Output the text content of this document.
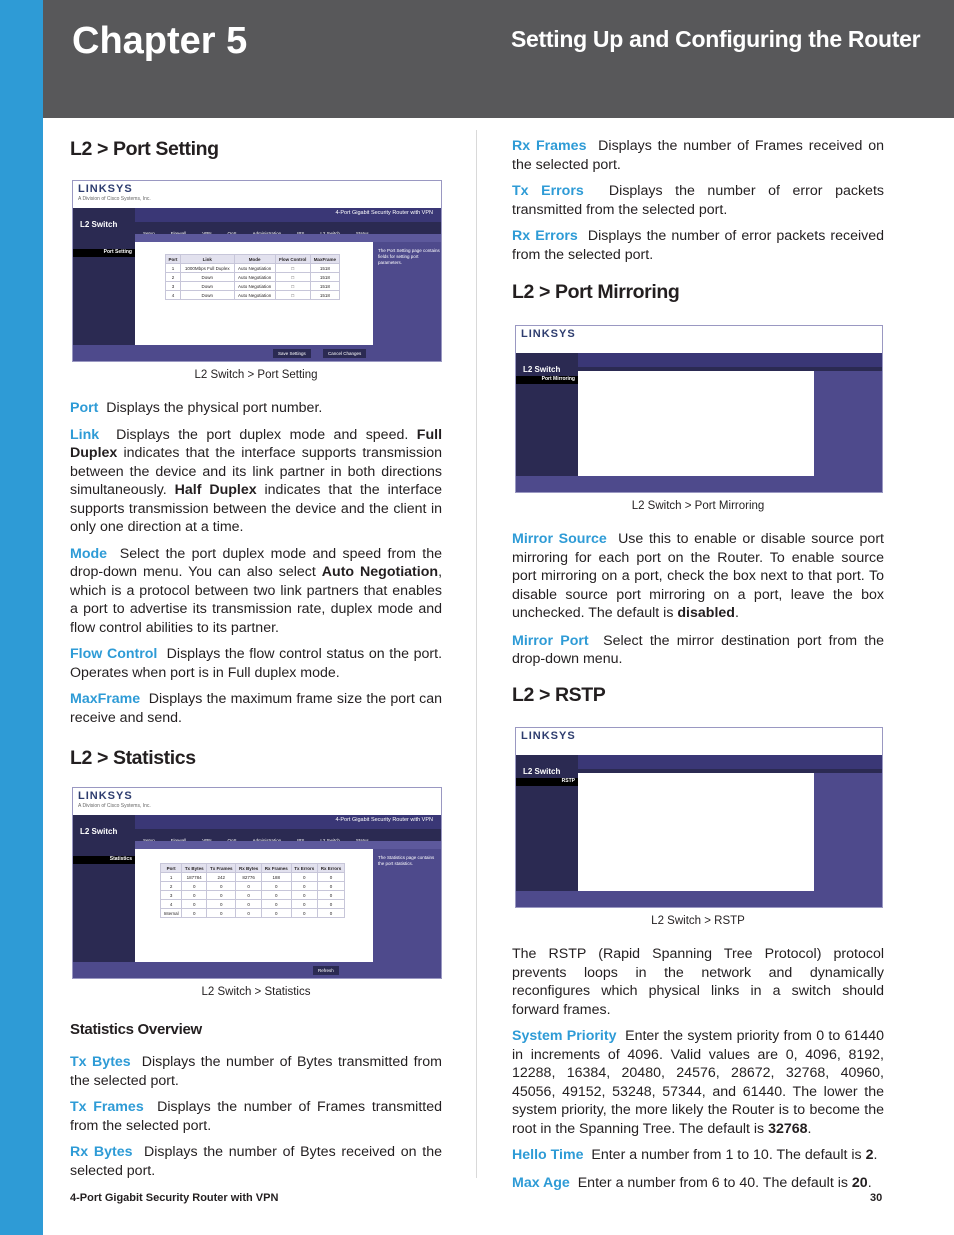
Chapter 5	Setting Up and Configuring the Router
L2 > Port Setting
LINKSYS
A Division of Cisco Systems, Inc.
4-Port Gigabit Security Router with VPN
L2 Switch
Port Setting
Port	Link	Mode	Flow Control	MaxFrame
1	1000Mbps Full Duplex	Auto Negotiation	□	1518
2	Down	Auto Negotiation	□	1518
3	Down	Auto Negotiation	□	1518
4	Down	Auto Negotiation	□	1518
The Port Setting page contains fields for setting port parameters.
Save Settings	Cancel Changes
L2 Switch > Port Setting

Port Displays the physical port number.

Link Displays the port duplex mode and speed. Full Duplex indicates that the interface supports transmission between the device and its link partner in both directions simultaneously. Half Duplex indicates that the interface supports transmission between the device and the client in only one direction at a time.

Mode Select the port duplex mode and speed from the drop-down menu. You can also select Auto Negotiation, which is a protocol between two link partners that enables a port to advertise its transmission rate, duplex mode and flow control abilities to its partner.

Flow Control Displays the flow control status on the port. Operates when port is in Full duplex mode.

MaxFrame Displays the maximum frame size the port can receive and send.

L2 > Statistics
LINKSYS
A Division of Cisco Systems, Inc.
4-Port Gigabit Security Router with VPN
L2 Switch
Statistics
Port	Tx Bytes	Tx Frames	Rx Bytes	Rx Frames	Tx Errors	Rx Errors
1	187784	242	82776	188	0	0
2	0	0	0	0	0	0
3	0	0	0	0	0	0
4	0	0	0	0	0	0
Internal	0	0	0	0	0	0
The Statistics page contains the port statistics.
Refresh
L2 Switch > Statistics
Statistics Overview

Tx Bytes Displays the number of Bytes transmitted from the selected port.

Tx Frames Displays the number of Frames transmitted from the selected port.

Rx Bytes Displays the number of Bytes received on the selected port.

Rx Frames Displays the number of Frames received on the selected port.

Tx Errors Displays the number of error packets transmitted from the selected port.

Rx Errors Displays the number of error packets received from the selected port.

L2 > Port Mirroring
LINKSYS
L2 Switch
Port Mirroring
L2 Switch > Port Mirroring

Mirror Source Use this to enable or disable source port mirroring for each port on the Router. To enable source port mirroring on a port, check the box next to that port. To disable source port mirroring on a port, leave the box unchecked. The default is disabled.

Mirror Port Select the mirror destination port from the drop-down menu.

L2 > RSTP
LINKSYS
L2 Switch
RSTP
L2 Switch > RSTP

The RSTP (Rapid Spanning Tree Protocol) protocol prevents loops in the network and dynamically reconfigures which physical links in a switch should forward frames.

System Priority Enter the system priority from 0 to 61440 in increments of 4096. Valid values are 0, 4096, 8192, 12288, 16384, 20480, 24576, 28672, 32768, 40960, 45056, 49152, 53248, 57344, and 61440. The lower the system priority, the more likely the Router is to become the root in the Spanning Tree. The default is 32768.

Hello Time Enter a number from 1 to 10. The default is 2.

Max Age Enter a number from 6 to 40. The default is 20.

4-Port Gigabit Security Router with VPN	30
